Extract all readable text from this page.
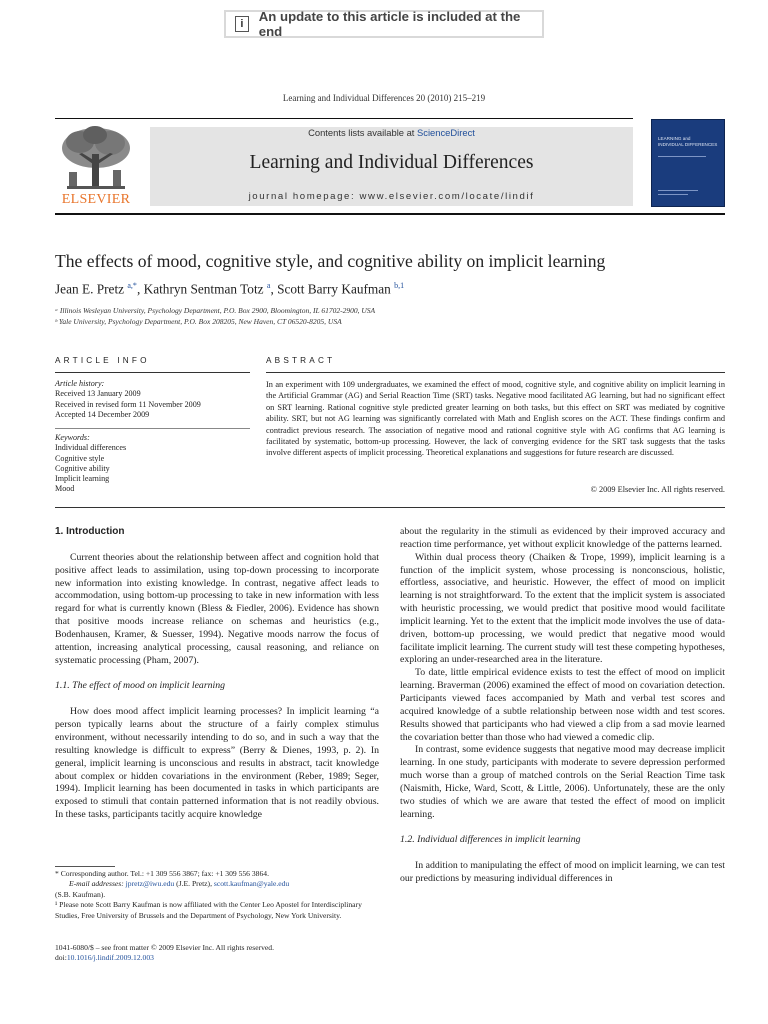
i	An update to this article is included at the end
Learning and Individual Differences 20 (2010) 215–219
Contents lists available at ScienceDirect
Learning and Individual Differences
journal homepage: www.elsevier.com/locate/lindif
ELSEVIER
LEARNING and
INDIVIDUAL DIFFERENCES
The effects of mood, cognitive style, and cognitive ability on implicit learning
Jean E. Pretz $^{a,*}$, Kathryn Sentman Totz $^a$, Scott Barry Kaufman $^{b,1}$
ᵃ Illinois Wesleyan University, Psychology Department, P.O. Box 2900, Bloomington, IL 61702-2900, USA
ᵇ Yale University, Psychology Department, P.O. Box 208205, New Haven, CT 06520-8205, USA
ARTICLE INFO	ABSTRACT
Article history:
Received 13 January 2009
Received in revised form 11 November 2009
Accepted 14 December 2009
Keywords:
Individual differences
Cognitive style
Cognitive ability
Implicit learning
Mood
In an experiment with 109 undergraduates, we examined the effect of mood, cognitive style, and cognitive ability on implicit learning in the Artificial Grammar (AG) and Serial Reaction Time (SRT) tasks. Negative mood facilitated AG learning, but had no significant effect on SRT learning. Rational cognitive style predicted greater learning on both tasks, but this effect on SRT was mediated by cognitive ability. SRT, but not AG learning was significantly correlated with Math and English scores on the ACT. These findings confirm and contradict previous research. The association of negative mood and rational cognitive style with AG confirms that AG learning is facilitated by systematic, bottom-up processing. However, the lack of converging evidence for the SRT task suggests that the tasks involve different aspects of implicit processing. Theoretical explanations and suggestions for future research are discussed.
© 2009 Elsevier Inc. All rights reserved.
1. Introduction

Current theories about the relationship between affect and cognition hold that positive affect leads to assimilation, using top-down processing to incorporate new information into existing knowledge. In contrast, negative affect leads to accommodation, using bottom-up processing to take in new information with less regard for what is currently known (Bless & Fiedler, 2006). Evidence has shown that positive moods increase reliance on schemas and heuristics (e.g., Bodenhausen, Kramer, & Suesser, 1994). Negative moods narrow the focus of attention, increasing analytical processing, causal reasoning, and reliance on systematic processing (Pham, 2007).

1.1. The effect of mood on implicit learning

How does mood affect implicit learning processes? In implicit learning “a person typically learns about the structure of a fairly complex stimulus environment, without necessarily intending to do so, and in such a way that the resulting knowledge is difficult to express” (Berry & Dienes, 1993, p. 2). In general, implicit learning is unconscious and results in abstract, tacit knowledge about complex or hidden covariations in the environment (Reber, 1989; Seger, 1994). Implicit learning has been documented in tasks in which participants are exposed to stimuli that contain patterned information that is not readily obvious. In these tasks, participants tacitly acquire knowledge

about the regularity in the stimuli as evidenced by their improved accuracy and reaction time performance, yet without explicit knowledge of the patterns learned.

Within dual process theory (Chaiken & Trope, 1999), implicit learning is a function of the implicit system, whose processing is nonconscious, holistic, effortless, associative, and heuristic. However, the effect of mood on implicit learning is not straightforward. To the extent that the implicit system is associated with heuristic processing, we would predict that positive mood would facilitate implicit learning. Yet to the extent that the implicit mode involves the use of data-driven, bottom-up processing, we would predict that negative mood would facilitate implicit learning. The current study will test these competing hypotheses, exploring an under-researched area in the literature.

To date, little empirical evidence exists to test the effect of mood on implicit learning. Braverman (2006) examined the effect of mood on covariation detection. Participants viewed faces accompanied by Math and verbal test scores and acquired knowledge of a subtle relationship between nose width and test scores. Results showed that participants who had viewed a clip from a sad movie learned the covariation better than those who had viewed a comedic clip.

In contrast, some evidence suggests that negative mood may decrease implicit learning. In one study, participants with moderate to severe depression performed much worse than a group of matched controls on the Serial Reaction Time task (Naismith, Hicke, Ward, Scott, & Little, 2006). Unfortunately, these are the only two studies of which we are aware that tested the effect of mood on implicit learning.

1.2. Individual differences in implicit learning

In addition to manipulating the effect of mood on implicit learning, we can test our predictions by measuring individual differences in

* Corresponding author. Tel.: +1 309 556 3867; fax: +1 309 556 3864.
E-mail addresses: jpretz@iwu.edu (J.E. Pretz), scott.kaufman@yale.edu
(S.B. Kaufman).
¹ Please note Scott Barry Kaufman is now affiliated with the Center Leo Apostel for Interdisciplinary Studies, Free University of Brussels and the Department of Psychology, New York University.
1041-6080/$ – see front matter © 2009 Elsevier Inc. All rights reserved.
doi:10.1016/j.lindif.2009.12.003
